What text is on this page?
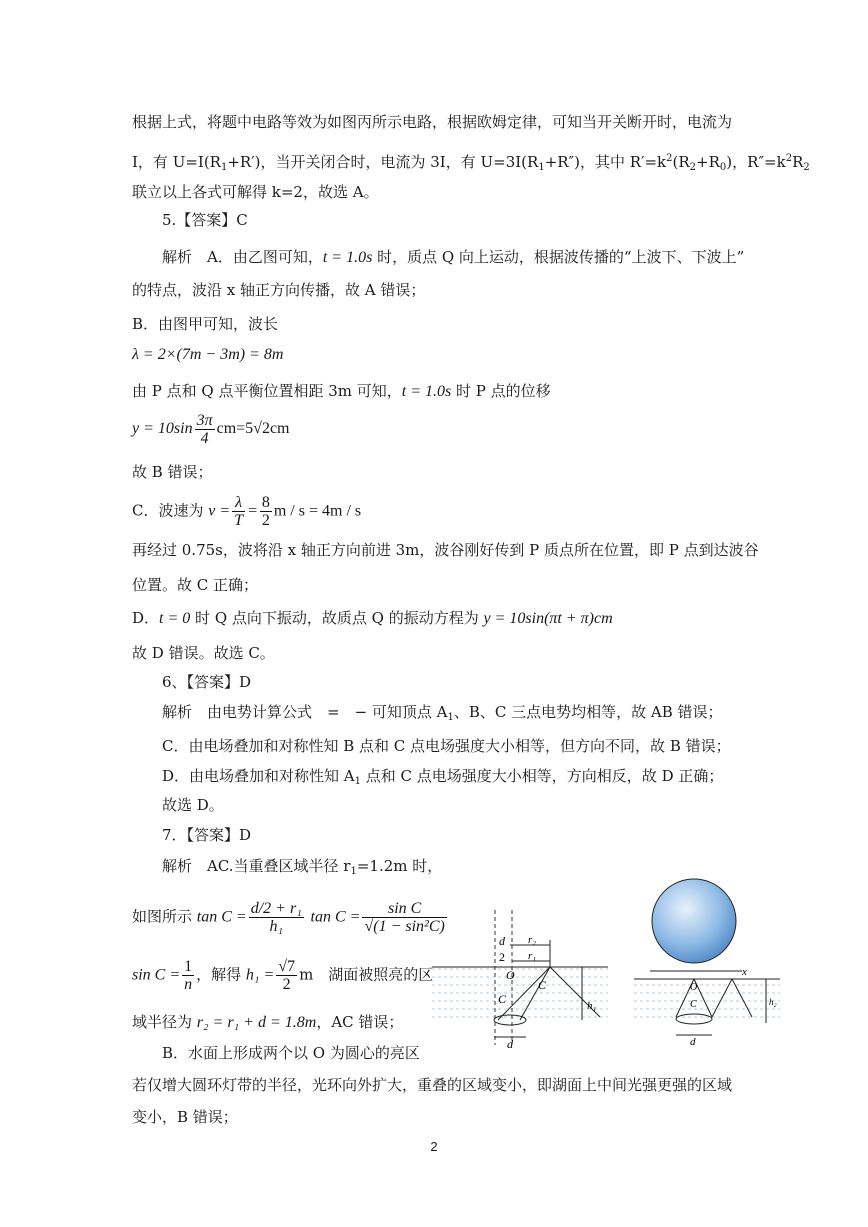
根据上式，将题中电路等效为如图丙所示电路，根据欧姆定律，可知当开关断开时，电流为
I，有 $U=I(R_1+R')$，当开关闭合时，电流为 3I，有 $U=3I(R_1+R'')$，其中 $R'=k^2(R_2+R_0)$，$R''=k^2R_2$
联立以上各式可解得 k=2，故选 A。
5.【答案】C
解析　A．由乙图可知，t = 1.0s 时，质点 Q 向上运动，根据波传播的“上波下、下波上”
的特点，波沿 x 轴正方向传播，故 A 错误；
B．由图甲可知，波长
λ = 2×(7m − 3m) = 8m
由 P 点和 Q 点平衡位置相距 3m 可知，t = 1.0s 时 P 点的位移
$y = 10\sin \frac{3\pi}{4} cm=5√2cm$
故 B 错误；
C．波速为 $v = \frac{\lambda}{T} = \frac{8}{2}$ m / s = 4m / s
再经过 0.75s，波将沿 x 轴正方向前进 3m，波谷刚好传到 P 质点所在位置，即 P 点到达波谷
位置。故 C 正确；
D．t = 0 时 Q 点向下振动，故质点 Q 的振动方程为 y = 10sin(πt + π)cm
故 D 错误。故选 C。
6、【答案】D
解析　由电势计算公式　=　− 可知顶点 $A_1$、B、C 三点电势均相等，故 AB 错误；
C．由电场叠加和对称性知 B 点和 C 点电场强度大小相等，但方向不同，故 B 错误；
D．由电场叠加和对称性知 $A_1$ 点和 C 点电场强度大小相等，方向相反，故 D 正确；
故选 D。
7．【答案】D
解析　AC.当重叠区域半径 $r_1=1.2m$ 时，
如图所示 $\tan C = \frac{\text{d/2 + r₁}}{\text{h₁}}$ $\tan C = \frac{\text{sin C}}{\text{√(1 − sin²C)}}$
$\sin C = \frac{1}{n}$ ，解得 $h_1 = \frac{√7}{2}$ m　湖面被照亮的区
域半径为 r₂ = r₁ + d = 1.8m，AC 错误；
B．水面上形成两个以 O 为圆心的亮区
若仅增大圆环灯带的半径，光环向外扩大，重叠的区域变小，即湖面上中间光强更强的区域
变小，B 错误；
d
2
r₂
r₁
O
C
C
h₁
d
x
O
C	h₂
d
2
